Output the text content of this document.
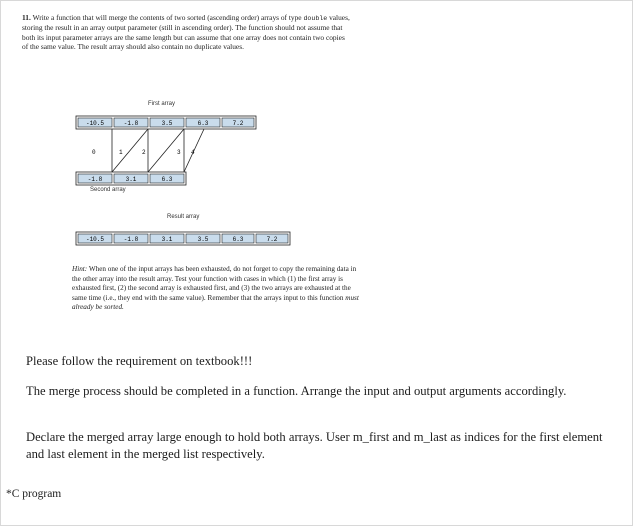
11. Write a function that will merge the contents of two sorted (ascending order) arrays of type double values, storing the result in an array output parameter (still in ascending order). The function should not assume that both its input parameter arrays are the same length but can assume that one array does not contain two copies of the same value. The result array should also contain no duplicate values.
-10.5	-1.8	3.5	6.3	7.2
0	1	2	3 4
-1.8	3.1	6.3
-10.5	-1.8	3.1	3.5	6.3	7.2
First array
Second array
Result array
Hint: When one of the input arrays has been exhausted, do not forget to copy the remaining data in the other array into the result array. Test your function with cases in which (1) the first array is exhausted first, (2) the second array is exhausted first, and (3) the two arrays are exhausted at the same time (i.e., they end with the same value). Remember that the arrays input to this function must already be sorted.
Please follow the requirement on textbook!!!
The merge process should be completed in a function. Arrange the input and output arguments accordingly.
Declare the merged array large enough to hold both arrays. User m_first and m_last as indices for the first element and last element in the merged list respectively.
*C program
